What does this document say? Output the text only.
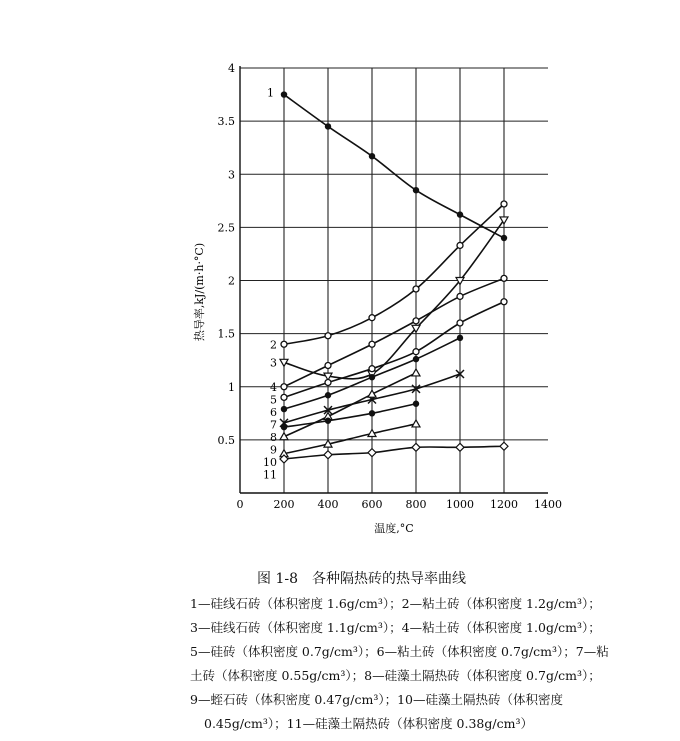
0	200 400 600 800 1000 1200 1400
0.5
1
1.5
2
2.5
3
3.5
4
温度,°C
热导率,kJ/(m·h·°C)
1
2
3
4
5
6
7
8
9
10
11
图 1-8　各种隔热砖的热导率曲线
1—硅线石砖（体积密度 1.6g/cm³）；2—粘土砖（体积密度 1.2g/cm³）；
3—硅线石砖（体积密度 1.1g/cm³）；4—粘土砖（体积密度 1.0g/cm³）；
5—硅砖（体积密度 0.7g/cm³）；6—粘土砖（体积密度 0.7g/cm³）；7—粘
土砖（体积密度 0.55g/cm³）；8—硅藻土隔热砖（体积密度 0.7g/cm³）；
9—蛭石砖（体积密度 0.47g/cm³）；10—硅藻土隔热砖（体积密度
0.45g/cm³）；11—硅藻土隔热砖（体积密度 0.38g/cm³）
